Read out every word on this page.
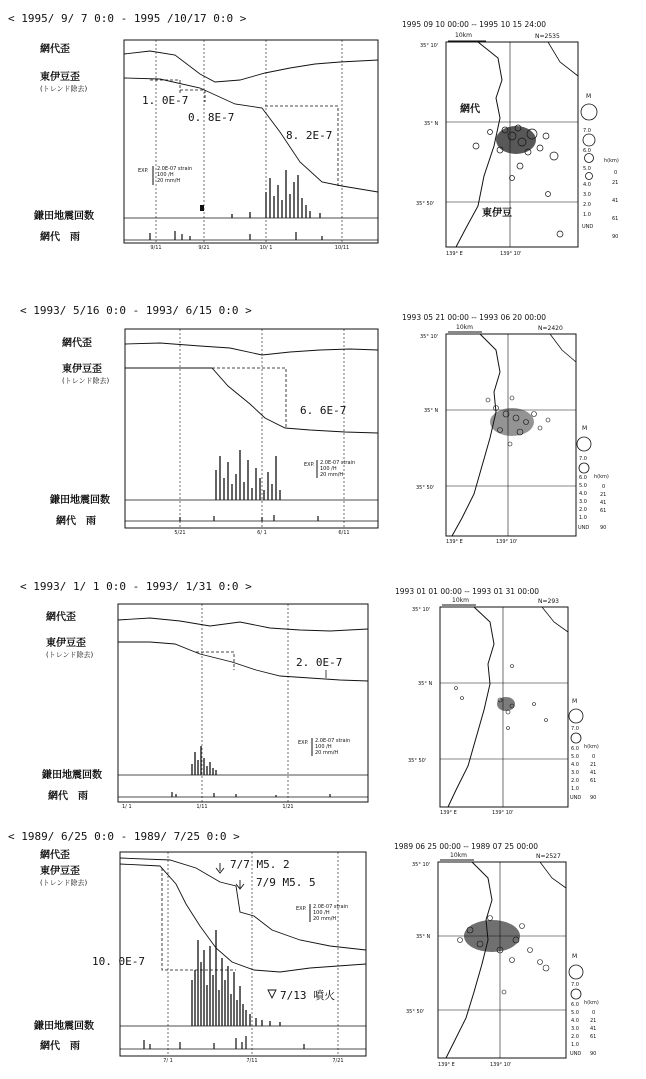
< 1995/ 9/ 7 0:0 - 1995 /10/17 0:0 >
網代歪
東伊豆歪
(トレンド除去)
鎌田地震回数
網代　雨
1. 0E-7
0. 8E-7
8. 2E-7
EXP. 2.0E-07 strain
100 /H
20 mm/H
9/11	9/21	10/ 1	10/11
1995 09 10 00:00 -- 1995 10 15 24:00
N=2535
10km
35° 10'
35° N
35° 50'
139° E	139° 10'
網代
東伊豆
M
7.0
6.0
5.0
4.0
3.0
2.0
1.0
UND
h(km)
0
21
41
61
90
< 1993/ 5/16 0:0 - 1993/ 6/15 0:0 >
網代歪
東伊豆歪
(トレンド除去)
鎌田地震回数
網代　雨
6. 6E-7
EXP. 2.0E-07 strain
100 /H
20 mm/H
5/21	6/ 1	6/11
1993 05 21 00:00 -- 1993 06 20 00:00
N=2420
10km
35° 10'
35° N
35° 50'
139° E	139° 10'
M
7.0
6.0
5.0
4.0
3.0
2.0
1.0
UND
h(km)
0
21
41
61
90
< 1993/ 1/ 1 0:0 - 1993/ 1/31 0:0 >
網代歪
東伊豆歪
(トレンド除去)
鎌田地震回数
網代　雨
2. 0E-7
EXP. 2.0E-07 strain
100 /H
20 mm/H
1/ 1	1/11	1/21
1993 01 01 00:00 -- 1993 01 31 00:00
N=293
10km
35° 10'
35° N
35° 50'
139° E	139° 10'
M
7.0
6.0
5.0
4.0
3.0
2.0
1.0
UND
h(km)
0
21
41
61
90
< 1989/ 6/25 0:0 - 1989/ 7/25 0:0 >
網代歪
東伊豆歪
(トレンド除去)
鎌田地震回数
網代　雨
10. 0E-7
7/7 M5. 2
7/9 M5. 5
7/13 噴火
EXP. 2.0E-07 strain
100 /H
20 mm/H
7/ 1	7/11	7/21
1989 06 25 00:00 -- 1989 07 25 00:00
N=2527
10km
35° 10'
35° N
35° 50'
139° E	139° 10'
M
7.0
6.0
5.0
4.0
3.0
2.0
1.0
UND
h(km)
0
21
41
61
90
